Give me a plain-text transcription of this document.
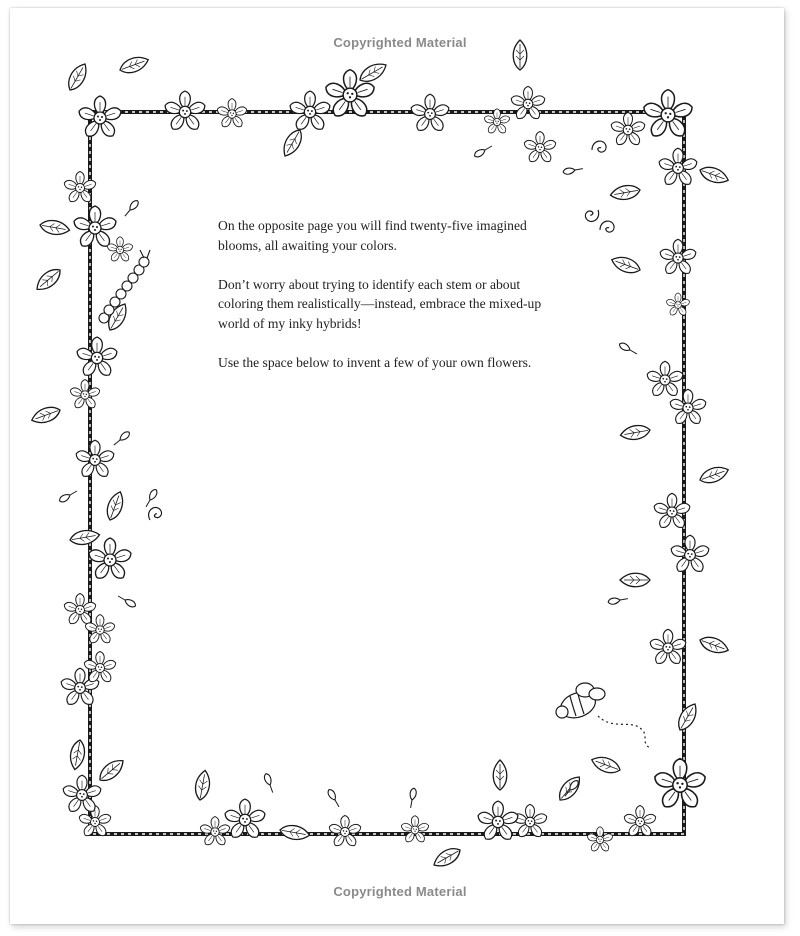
Copyrighted Material

On the opposite page you will find twenty-five imagined blooms, all awaiting your colors.

Don’t worry about trying to identify each stem or about coloring them realistically—instead, embrace the mixed-up world of my inky hybrids!

Use the space below to invent a few of your own flowers.

Copyrighted Material
